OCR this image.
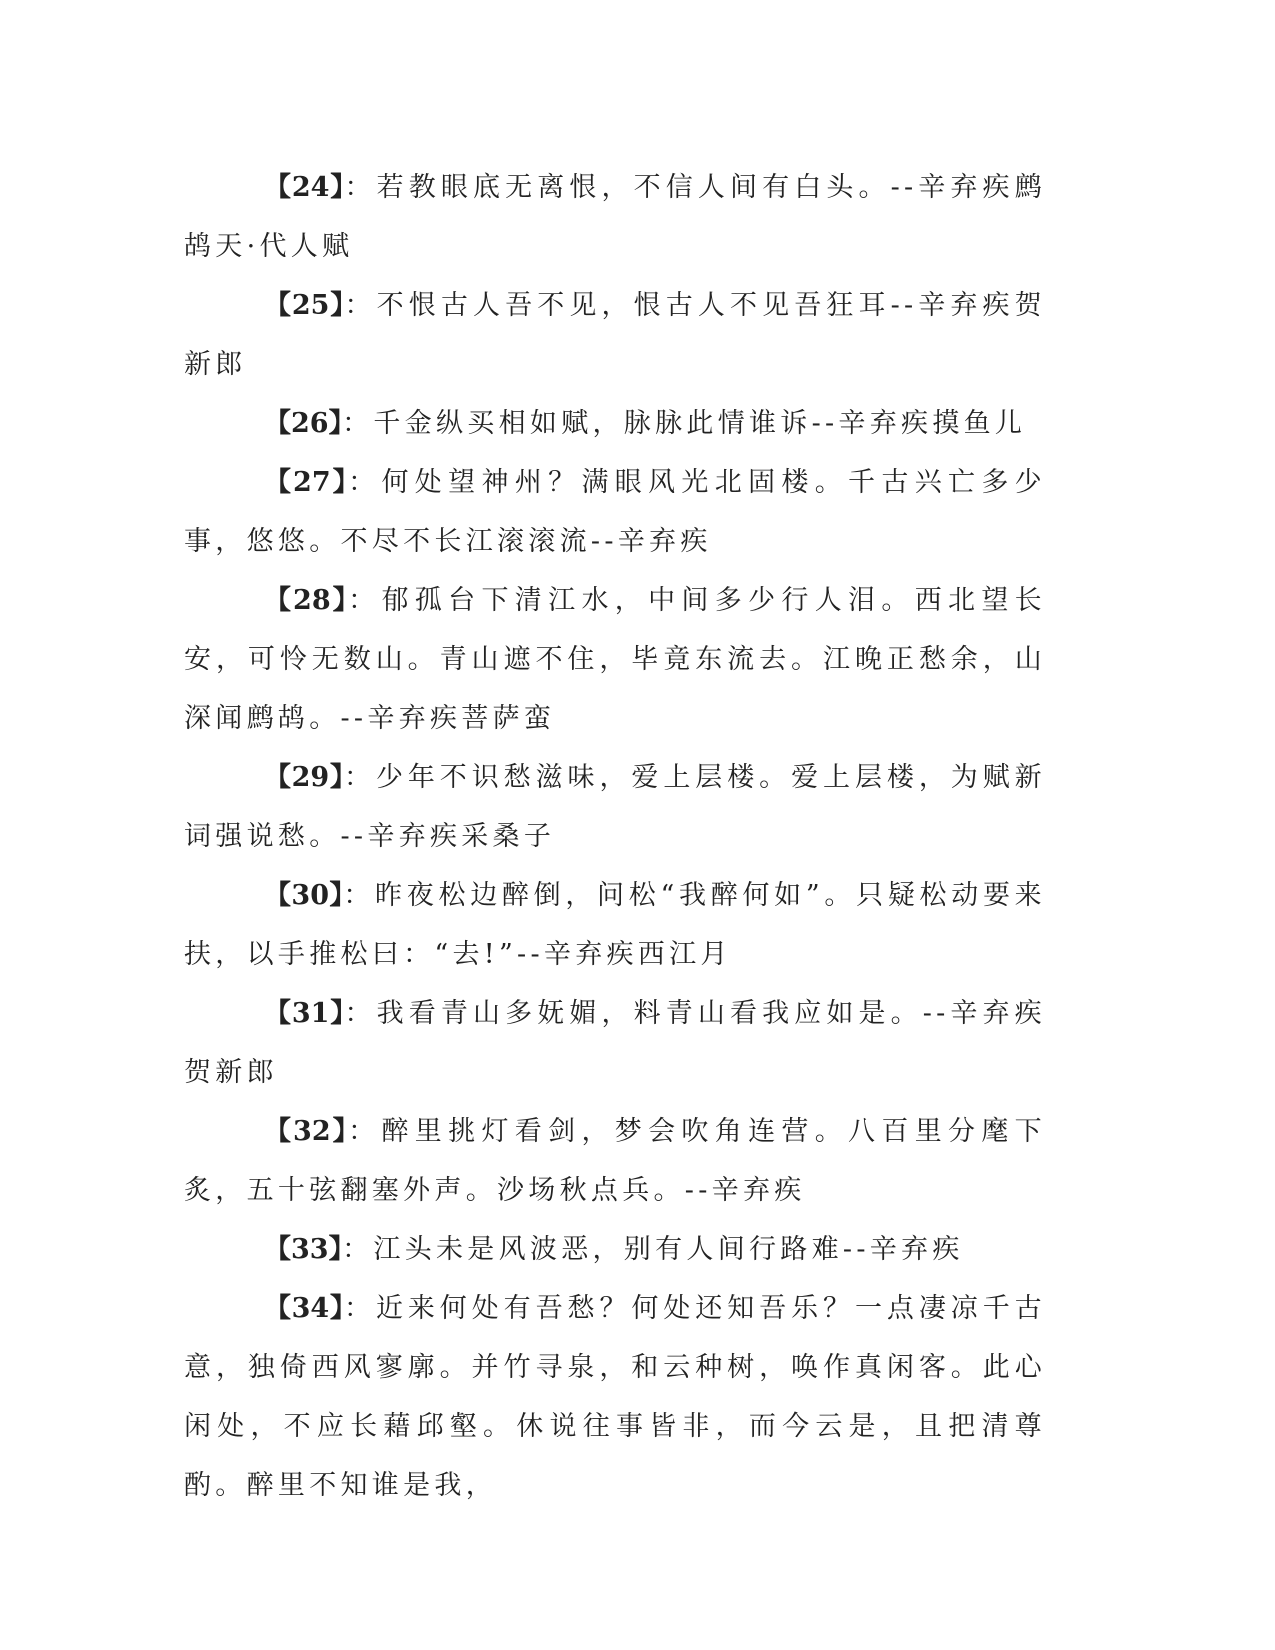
【24】：若教眼底无离恨，不信人间有白头。--辛弃疾鹧鸪天·代人赋

【25】：不恨古人吾不见，恨古人不见吾狂耳--辛弃疾贺新郎

【26】：千金纵买相如赋，脉脉此情谁诉--辛弃疾摸鱼儿

【27】：何处望神州？满眼风光北固楼。千古兴亡多少事，悠悠。不尽不长江滚滚流--辛弃疾

【28】：郁孤台下清江水，中间多少行人泪。西北望长安，可怜无数山。青山遮不住，毕竟东流去。江晚正愁余，山深闻鹧鸪。--辛弃疾菩萨蛮

【29】：少年不识愁滋味，爱上层楼。爱上层楼，为赋新词强说愁。--辛弃疾采桑子

【30】：昨夜松边醉倒，问松“我醉何如”。只疑松动要来扶，以手推松曰：“去!”--辛弃疾西江月

【31】：我看青山多妩媚，料青山看我应如是。--辛弃疾贺新郎

【32】：醉里挑灯看剑，梦会吹角连营。八百里分麾下炙，五十弦翻塞外声。沙场秋点兵。--辛弃疾

【33】：江头未是风波恶，别有人间行路难--辛弃疾

【34】：近来何处有吾愁？何处还知吾乐？一点凄凉千古意，独倚西风寥廓。并竹寻泉，和云种树，唤作真闲客。此心闲处，不应长藉邱壑。休说往事皆非，而今云是，且把清尊酌。醉里不知谁是我，
